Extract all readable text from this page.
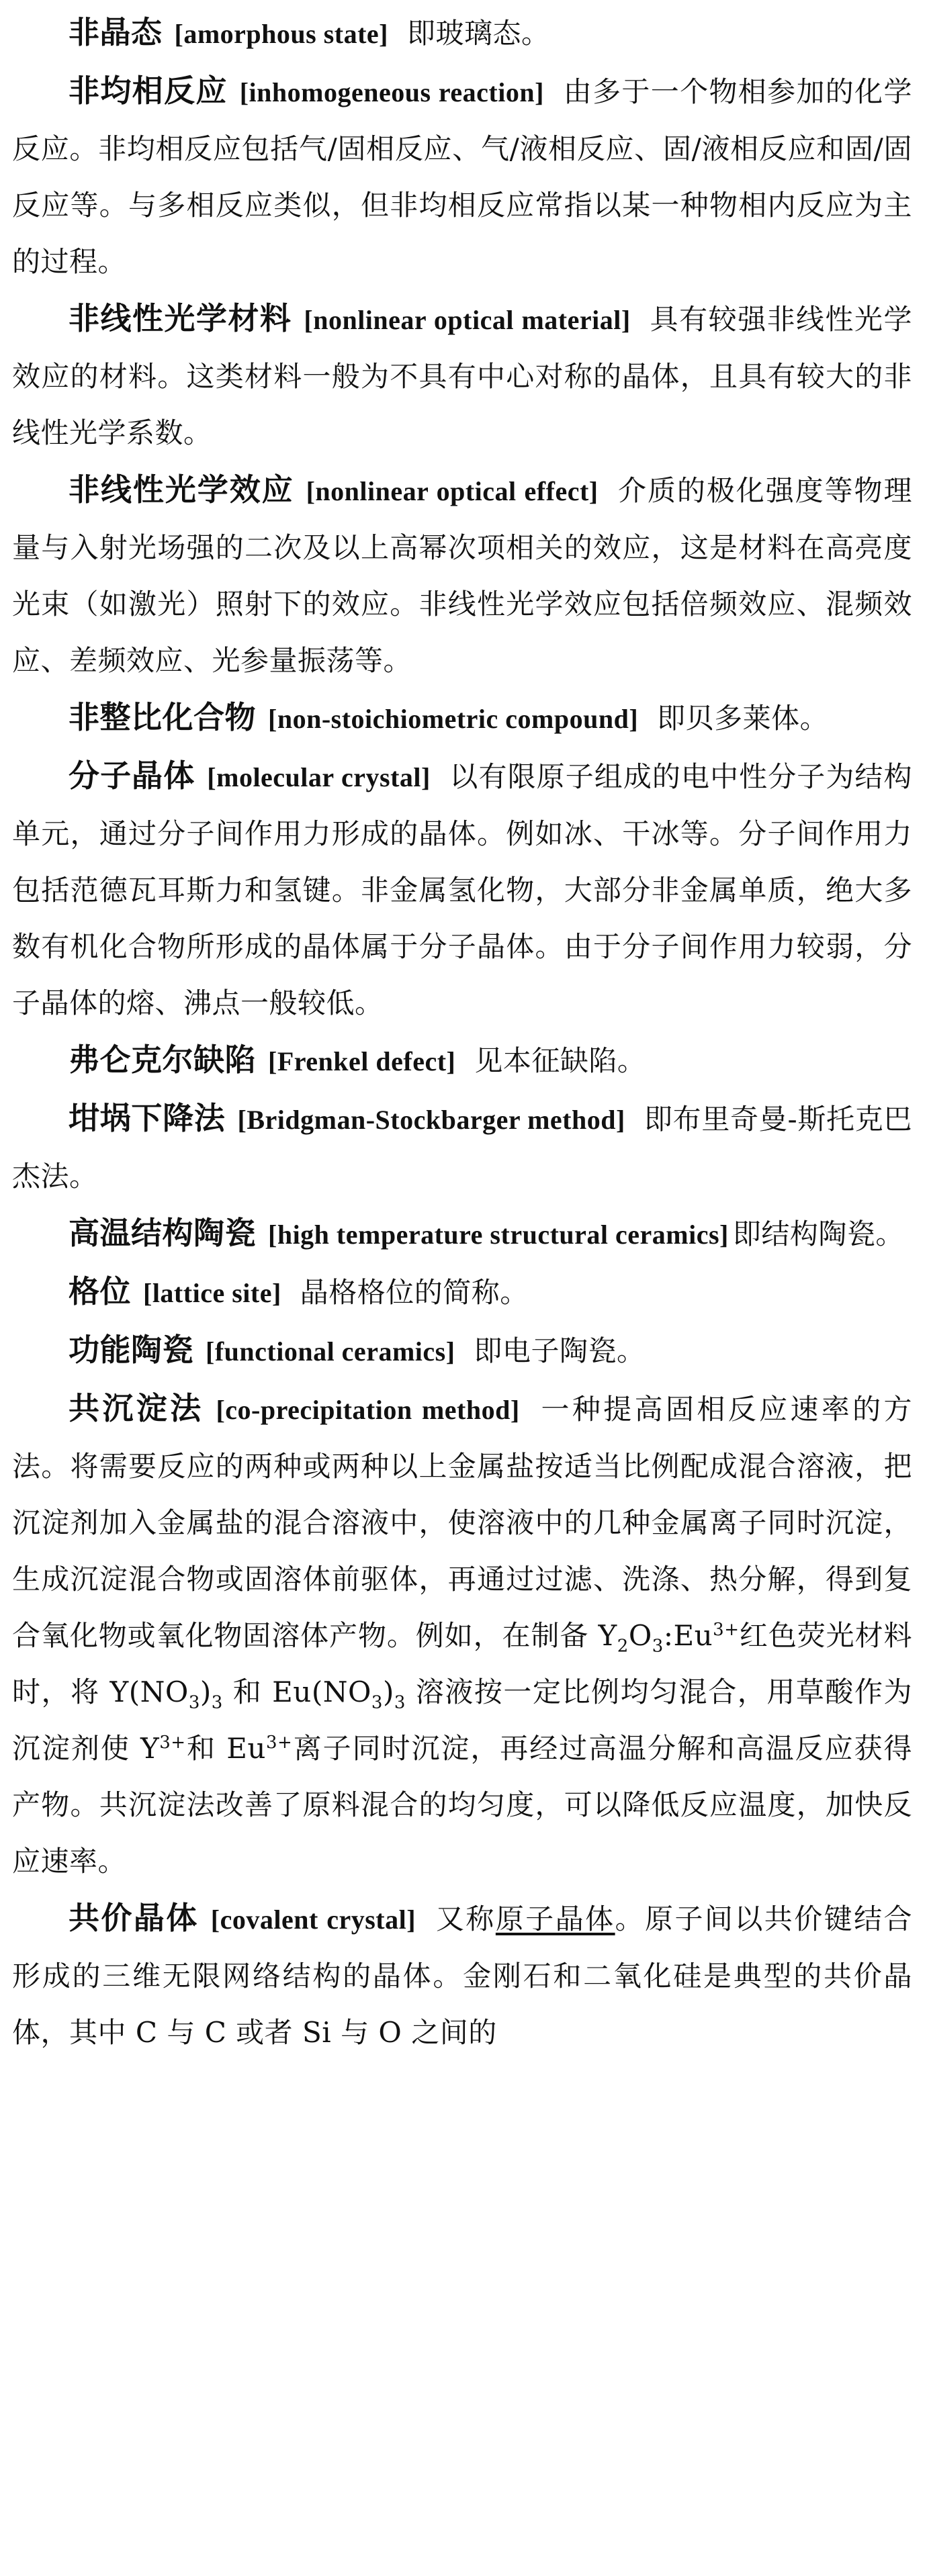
非晶态 [amorphous state] 即玻璃态。

非均相反应 [inhomogeneous reaction] 由多于一个物相参加的化学反应。非均相反应包括气/固相反应、气/液相反应、固/液相反应和固/固反应等。与多相反应类似，但非均相反应常指以某一种物相内反应为主的过程。

非线性光学材料 [nonlinear optical material] 具有较强非线性光学效应的材料。这类材料一般为不具有中心对称的晶体，且具有较大的非线性光学系数。

非线性光学效应 [nonlinear optical effect] 介质的极化强度等物理量与入射光场强的二次及以上高幂次项相关的效应，这是材料在高亮度光束（如激光）照射下的效应。非线性光学效应包括倍频效应、混频效应、差频效应、光参量振荡等。

非整比化合物 [non-stoichiometric compound] 即贝多莱体。

分子晶体 [molecular crystal] 以有限原子组成的电中性分子为结构单元，通过分子间作用力形成的晶体。例如冰、干冰等。分子间作用力包括范德瓦耳斯力和氢键。非金属氢化物，大部分非金属单质，绝大多数有机化合物所形成的晶体属于分子晶体。由于分子间作用力较弱，分子晶体的熔、沸点一般较低。

弗仑克尔缺陷 [Frenkel defect] 见本征缺陷。

坩埚下降法 [Bridgman-Stockbarger method] 即布里奇曼-斯托克巴杰法。

高温结构陶瓷 [high temperature structural ceramics] 即结构陶瓷。

格位 [lattice site] 晶格格位的简称。

功能陶瓷 [functional ceramics] 即电子陶瓷。

共沉淀法 [co-precipitation method] 一种提高固相反应速率的方法。将需要反应的两种或两种以上金属盐按适当比例配成混合溶液，把沉淀剂加入金属盐的混合溶液中，使溶液中的几种金属离子同时沉淀，生成沉淀混合物或固溶体前驱体，再通过过滤、洗涤、热分解，得到复合氧化物或氧化物固溶体产物。例如，在制备 $Y_2O_3:Eu^{3+}$红色荧光材料时，将 $Y(NO_3)_3$ 和 $Eu(NO_3)_3$ 溶液按一定比例均匀混合，用草酸作为沉淀剂使 $Y^{3+}$和 $Eu^{3+}$离子同时沉淀，再经过高温分解和高温反应获得产物。共沉淀法改善了原料混合的均匀度，可以降低反应温度，加快反应速率。

共价晶体 [covalent crystal] 又称原子晶体。原子间以共价键结合形成的三维无限网络结构的晶体。金刚石和二氧化硅是典型的共价晶体，其中 C 与 C 或者 Si 与 O 之间的
